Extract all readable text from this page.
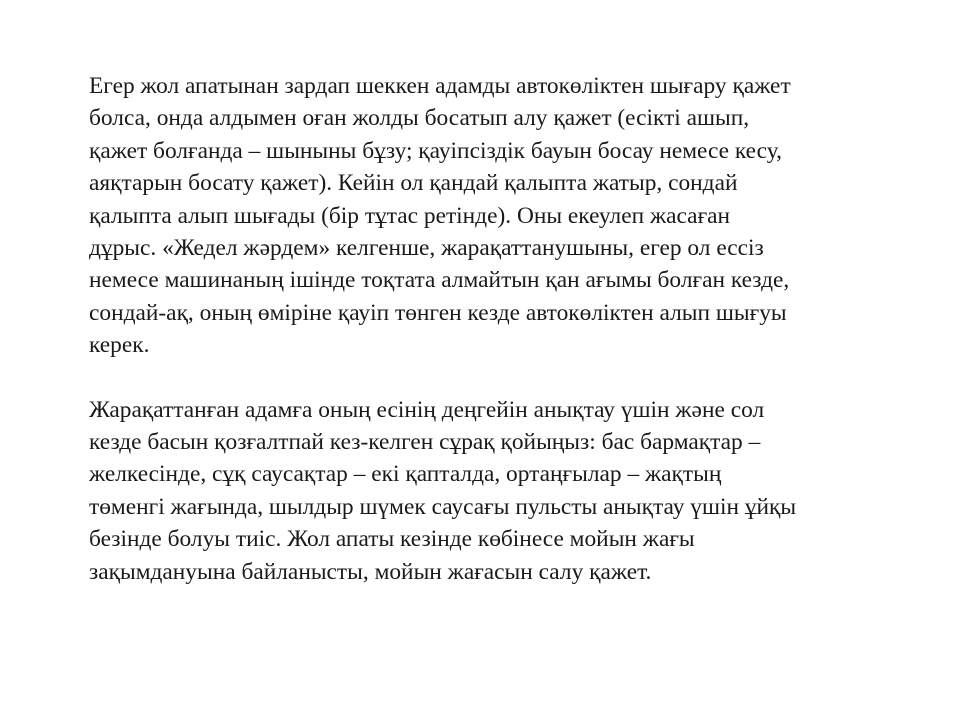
Егер жол апатынан зардап шеккен адамды автокөліктен шығару қажет
болса, онда алдымен оған жолды босатып алу қажет (есікті ашып,
қажет болғанда – шыныны бұзу; қауіпсіздік бауын босау немесе кесу,
аяқтарын босату қажет). Кейін ол қандай қалыпта жатыр, сондай
қалыпта алып шығады (бір тұтас ретінде). Оны екеулеп жасаған
дұрыс. «Жедел жәрдем» келгенше, жарақаттанушыны, егер ол ессіз
немесе машинаның ішінде тоқтата алмайтын қан ағымы болған кезде,
сондай-ақ, оның өміріне қауіп төнген кезде автокөліктен алып шығуы
керек.

Жарақаттанған адамға оның есінің деңгейін анықтау үшін және сол
кезде басын қозғалтпай кез-келген сұрақ қойыңыз: бас бармақтар –
желкесінде, сұқ саусақтар – екі қапталда, ортаңғылар – жақтың
төменгі жағында, шылдыр шүмек саусағы пульсты анықтау үшін ұйқы
безінде болуы тиіс. Жол апаты кезінде көбінесе мойын жағы
зақымдануына байланысты, мойын жағасын салу қажет.
